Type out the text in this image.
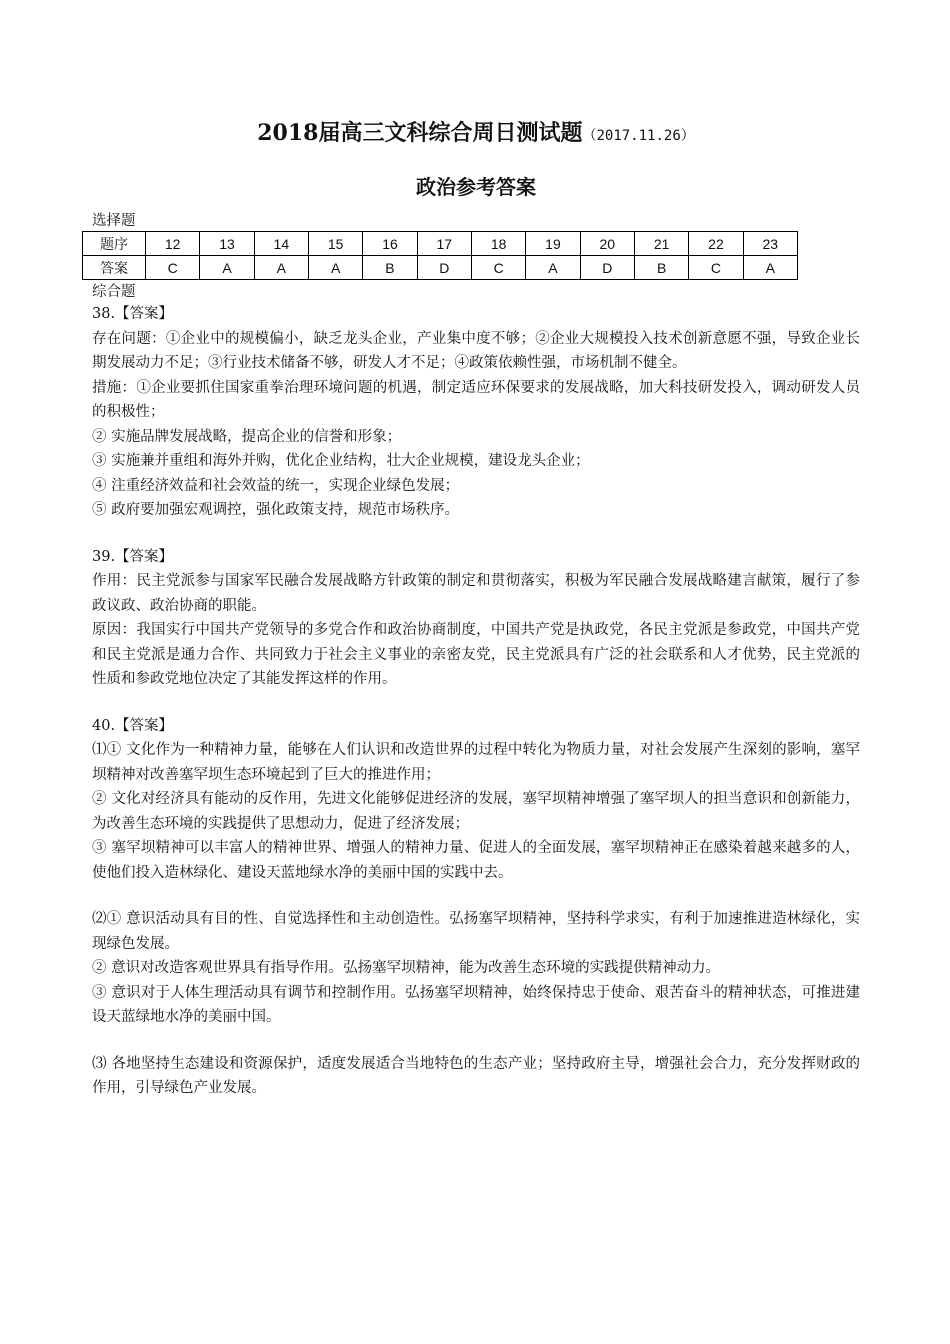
2018届高三文科综合周日测试题（2017.11.26）
政治参考答案
选择题
题序	12	13	14	15	16	17	18	19	20	21	22	23
答案	C	A	A	A	B	D	C	A	D	B	C	A
综合题

38.【答案】

存在问题：①企业中的规模偏小，缺乏龙头企业，产业集中度不够；②企业大规模投入技术创新意愿不强，导致企业长期发展动力不足；③行业技术储备不够，研发人才不足；④政策依赖性强，市场机制不健全。

措施：①企业要抓住国家重拳治理环境问题的机遇，制定适应环保要求的发展战略，加大科技研发投入，调动研发人员的积极性；

② 实施品牌发展战略，提高企业的信誉和形象；

③ 实施兼并重组和海外并购，优化企业结构，壮大企业规模，建设龙头企业；

④ 注重经济效益和社会效益的统一，实现企业绿色发展；

⑤ 政府要加强宏观调控，强化政策支持，规范市场秩序。

39.【答案】

作用：民主党派参与国家军民融合发展战略方针政策的制定和贯彻落实，积极为军民融合发展战略建言献策，履行了参政议政、政治协商的职能。

原因：我国实行中国共产党领导的多党合作和政治协商制度，中国共产党是执政党，各民主党派是参政党，中国共产党和民主党派是通力合作、共同致力于社会主义事业的亲密友党，民主党派具有广泛的社会联系和人才优势，民主党派的性质和参政党地位决定了其能发挥这样的作用。

40.【答案】

⑴① 文化作为一种精神力量，能够在人们认识和改造世界的过程中转化为物质力量，对社会发展产生深刻的影响，塞罕坝精神对改善塞罕坝生态环境起到了巨大的推进作用；

② 文化对经济具有能动的反作用，先进文化能够促进经济的发展，塞罕坝精神增强了塞罕坝人的担当意识和创新能力，为改善生态环境的实践提供了思想动力，促进了经济发展；

③ 塞罕坝精神可以丰富人的精神世界、增强人的精神力量、促进人的全面发展，塞罕坝精神正在感染着越来越多的人，使他们投入造林绿化、建设天蓝地绿水净的美丽中国的实践中去。

⑵① 意识活动具有目的性、自觉选择性和主动创造性。弘扬塞罕坝精神，坚持科学求实，有利于加速推进造林绿化，实现绿色发展。

② 意识对改造客观世界具有指导作用。弘扬塞罕坝精神，能为改善生态环境的实践提供精神动力。

③ 意识对于人体生理活动具有调节和控制作用。弘扬塞罕坝精神，始终保持忠于使命、艰苦奋斗的精神状态，可推进建设天蓝绿地水净的美丽中国。

⑶ 各地坚持生态建设和资源保护，适度发展适合当地特色的生态产业；坚持政府主导，增强社会合力，充分发挥财政的作用，引导绿色产业发展。
